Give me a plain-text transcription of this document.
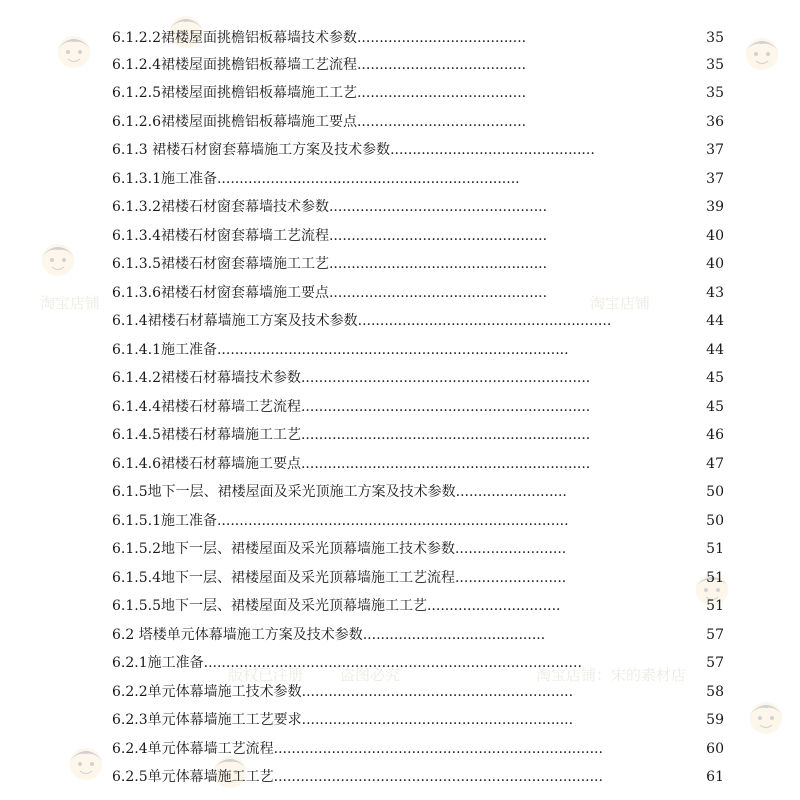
淘宝店铺：宋的素材店
版权已注册 盗图必究
淘宝店铺
淘宝店铺
6.1.2.2裙楼屋面挑檐铝板幕墙技术参数......................................	35
6.1.2.4裙楼屋面挑檐铝板幕墙工艺流程......................................	35
6.1.2.5裙楼屋面挑檐铝板幕墙施工工艺......................................	35
6.1.2.6裙楼屋面挑檐铝板幕墙施工要点......................................	36
6.1.3 裙楼石材窗套幕墙施工方案及技术参数..............................................	37
6.1.3.1施工准备....................................................................	37
6.1.3.2裙楼石材窗套幕墙技术参数.................................................	39
6.1.3.4裙楼石材窗套幕墙工艺流程.................................................	40
6.1.3.5裙楼石材窗套幕墙施工工艺.................................................	40
6.1.3.6裙楼石材窗套幕墙施工要点.................................................	43
6.1.4裙楼石材幕墙施工方案及技术参数.........................................................	44
6.1.4.1施工准备...............................................................................	44
6.1.4.2裙楼石材幕墙技术参数.................................................................	45
6.1.4.4裙楼石材幕墙工艺流程.................................................................	45
6.1.4.5裙楼石材幕墙施工工艺.................................................................	46
6.1.4.6裙楼石材幕墙施工要点.................................................................	47
6.1.5地下一层、裙楼屋面及采光顶施工方案及技术参数.........................	50
6.1.5.1施工准备...............................................................................	50
6.1.5.2地下一层、裙楼屋面及采光顶幕墙施工技术参数.........................	51
6.1.5.4地下一层、裙楼屋面及采光顶幕墙施工工艺流程.........................	51
6.1.5.5地下一层、裙楼屋面及采光顶幕墙施工工艺..............................	51
6.2 塔楼单元体幕墙施工方案及技术参数.........................................	57
6.2.1施工准备.....................................................................................	57
6.2.2单元体幕墙施工技术参数.............................................................	58
6.2.3单元体幕墙施工工艺要求.............................................................	59
6.2.4单元体幕墙工艺流程..........................................................................	60
6.2.5单元体幕墙施工工艺..........................................................................	61
